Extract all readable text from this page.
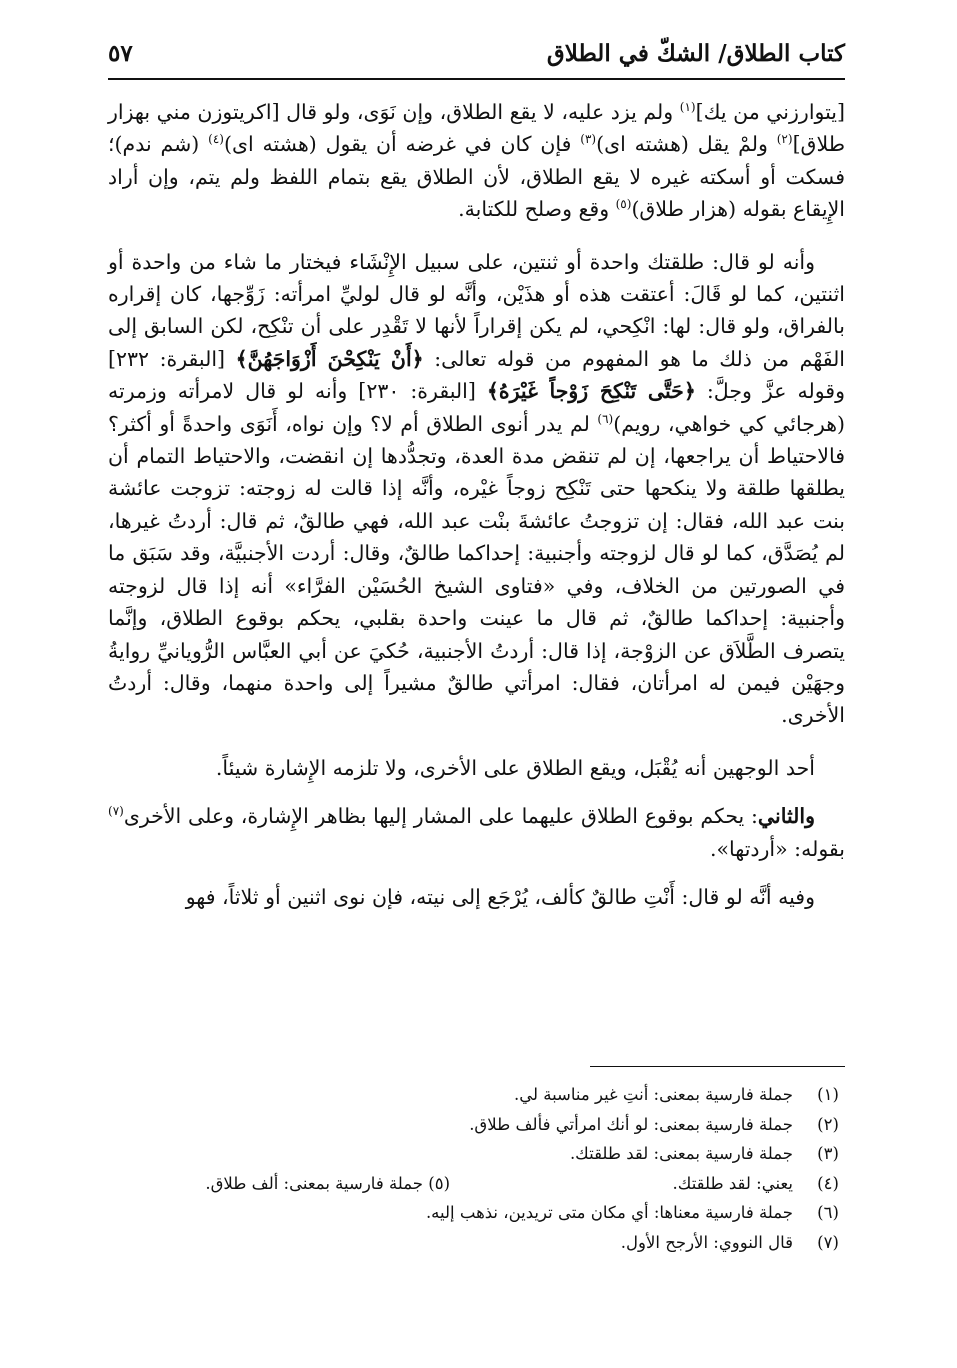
كتاب الطلاق/ الشكّ في الطلاق
٥٧

[يتوارزني من يك]$^{(١)}$ ولم يزد عليه، لا يقع الطلاق، وإن نَوَى، ولو قال [اكريتوزن مني بهزار طلاق]$^{(٢)}$ ولمْ يقل (هشته اى)$^{(٣)}$ فإن كان في غرضه أن يقول (هشته اى)$^{(٤)}$ (شم ندم)؛ فسكت أو أسكته غيره لا يقع الطلاق، لأن الطلاق يقع بتمام اللفظ ولم يتم، وإن أراد الإِيقاع بقوله (هزار طلاق)$^{(٥)}$ وقع وصلح للكتابة.

وأنه لو قال: طلقتك واحدة أو ثنتين، على سبيل الإِنْشَاء فيختار ما شاء من واحدة أو اثنتين، كما لو قَالَ: أعتقت هذه أو هذَيْن، وأنَّه لو قال لوليِّ امرأته: زَوِّجها، كان إقراره بالفراق، ولو قال: لها: انْكِحي، لم يكن إقراراً لأنها لا تَقْدِر على أن تنْكِح، لكن السابق إلى الفَهْم من ذلك ما هو المفهوم من قوله تعالى: ﴿أَنْ يَنْكِحْنَ أَزْوَاجَهُنَّ﴾ [البقرة: ٢٣٢] وقوله عزَّ وجلَّ: ﴿حَتَّى تَنْكِحَ زَوْجاً غَيْرَهُ﴾ [البقرة: ٢٣٠] وأنه لو قال لامرأته وزمرته (هرجائي كي خواهي، رويم)$^{(٦)}$ لم يدر أنوى الطلاق أم لا؟ وإن نواه، أَنَوَى واحدةً أو أكثر؟ فالاحتياط أن يراجعها، إن لم تنقض مدة العدة، وتجدُّدها إن انقضت، والاحتياط التمام أن يطلقها طلقة ولا ينكحها حتى تَنْكِح زوجاً غيْره، وأنَّه إذا قالت له زوجته: تزوجت عائشة بنت عبد الله، فقال: إن تزوجتُ عائشةَ بنْت عبد الله، فهي طالقٌ، ثم قال: أردتُ غيرها، لم يُصَدَّق، كما لو قال لزوجته وأجنبية: إحداكما طالقٌ، وقال: أردت الأجنبيَّة، وقد سَبَق ما في الصورتين من الخلاف، وفي «فتاوى الشيخ الحُسَيْن الفرَّاء» أنه إذا قال لزوجته وأجنبية: إحداكما طالقٌ، ثم قال ما عينت واحدة بقلبي، يحكم بوقوع الطلاق، وإنَّما يتصرف الطَّلاَق عن الزوْجة، إذا قال: أردتُ الأجنبية، حُكيَ عن أبي العبَّاس الرُّويانيِّ روايةُ وجهَيْن فيمن له امرأتان، فقال: امرأتي طالقٌ مشيراً إلى واحدة منهما، وقال: أردتُ الأخرى.

أحد الوجهين أنه يُقْبَل، ويقع الطلاق على الأخرى، ولا تلزمه الإِشارة شيئاً.

والثاني: يحكم بوقوع الطلاق عليهما على المشار إليها بظاهر الإِشارة، وعلى الأخرى$^{(٧)}$ بقوله: «أردتها».

وفيه أنَّه لو قال: أَنْتِ طالقٌ كألف، يُرْجَع إلى نيته، فإن نوى اثنين أو ثلاثاً، فهو

(١)
جملة فارسية بمعنى: أنتِ غير مناسبة لي.
(٢)
جملة فارسية بمعنى: لو أنك امرأتي فألف طلاق.
(٣)
جملة فارسية بمعنى: لقد طلقتك.
(٤)
يعني: لقد طلقتك.
(٥) جملة فارسية بمعنى: ألف طلاق.
(٦)
جملة فارسية معناها: أي مكان متى تريدين، نذهب إليه.
(٧)
قال النووي: الأرجح الأول.
